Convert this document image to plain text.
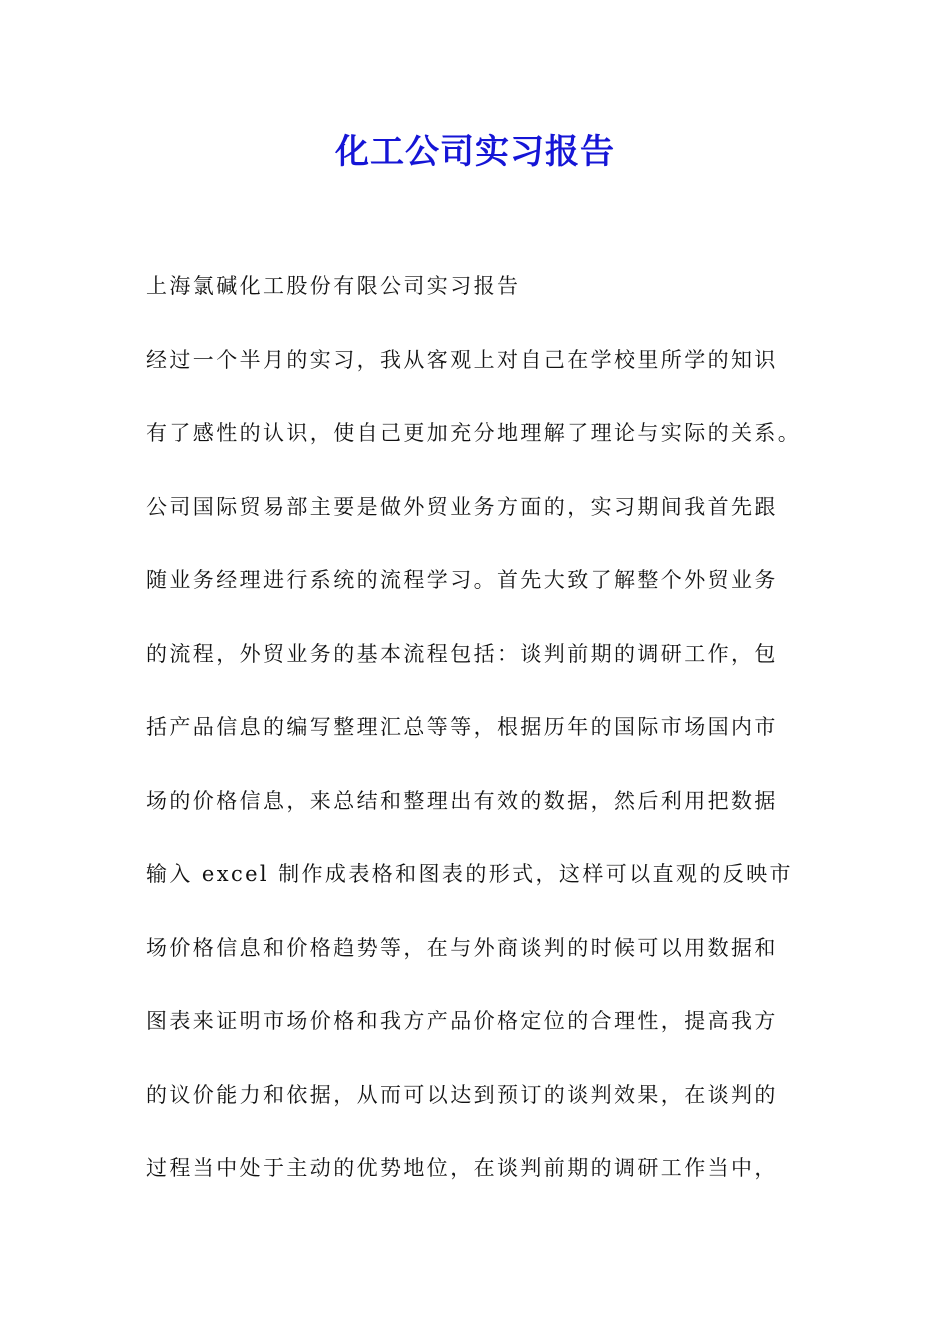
化工公司实习报告

上海氯碱化工股份有限公司实习报告

经过一个半月的实习，我从客观上对自己在学校里所学的知识

有了感性的认识，使自己更加充分地理解了理论与实际的关系。

公司国际贸易部主要是做外贸业务方面的，实习期间我首先跟

随业务经理进行系统的流程学习。首先大致了解整个外贸业务

的流程，外贸业务的基本流程包括：谈判前期的调研工作，包

括产品信息的编写整理汇总等等，根据历年的国际市场国内市

场的价格信息，来总结和整理出有效的数据，然后利用把数据

输入 excel 制作成表格和图表的形式，这样可以直观的反映市

场价格信息和价格趋势等，在与外商谈判的时候可以用数据和

图表来证明市场价格和我方产品价格定位的合理性，提高我方

的议价能力和依据，从而可以达到预订的谈判效果，在谈判的

过程当中处于主动的优势地位，在谈判前期的调研工作当中，
